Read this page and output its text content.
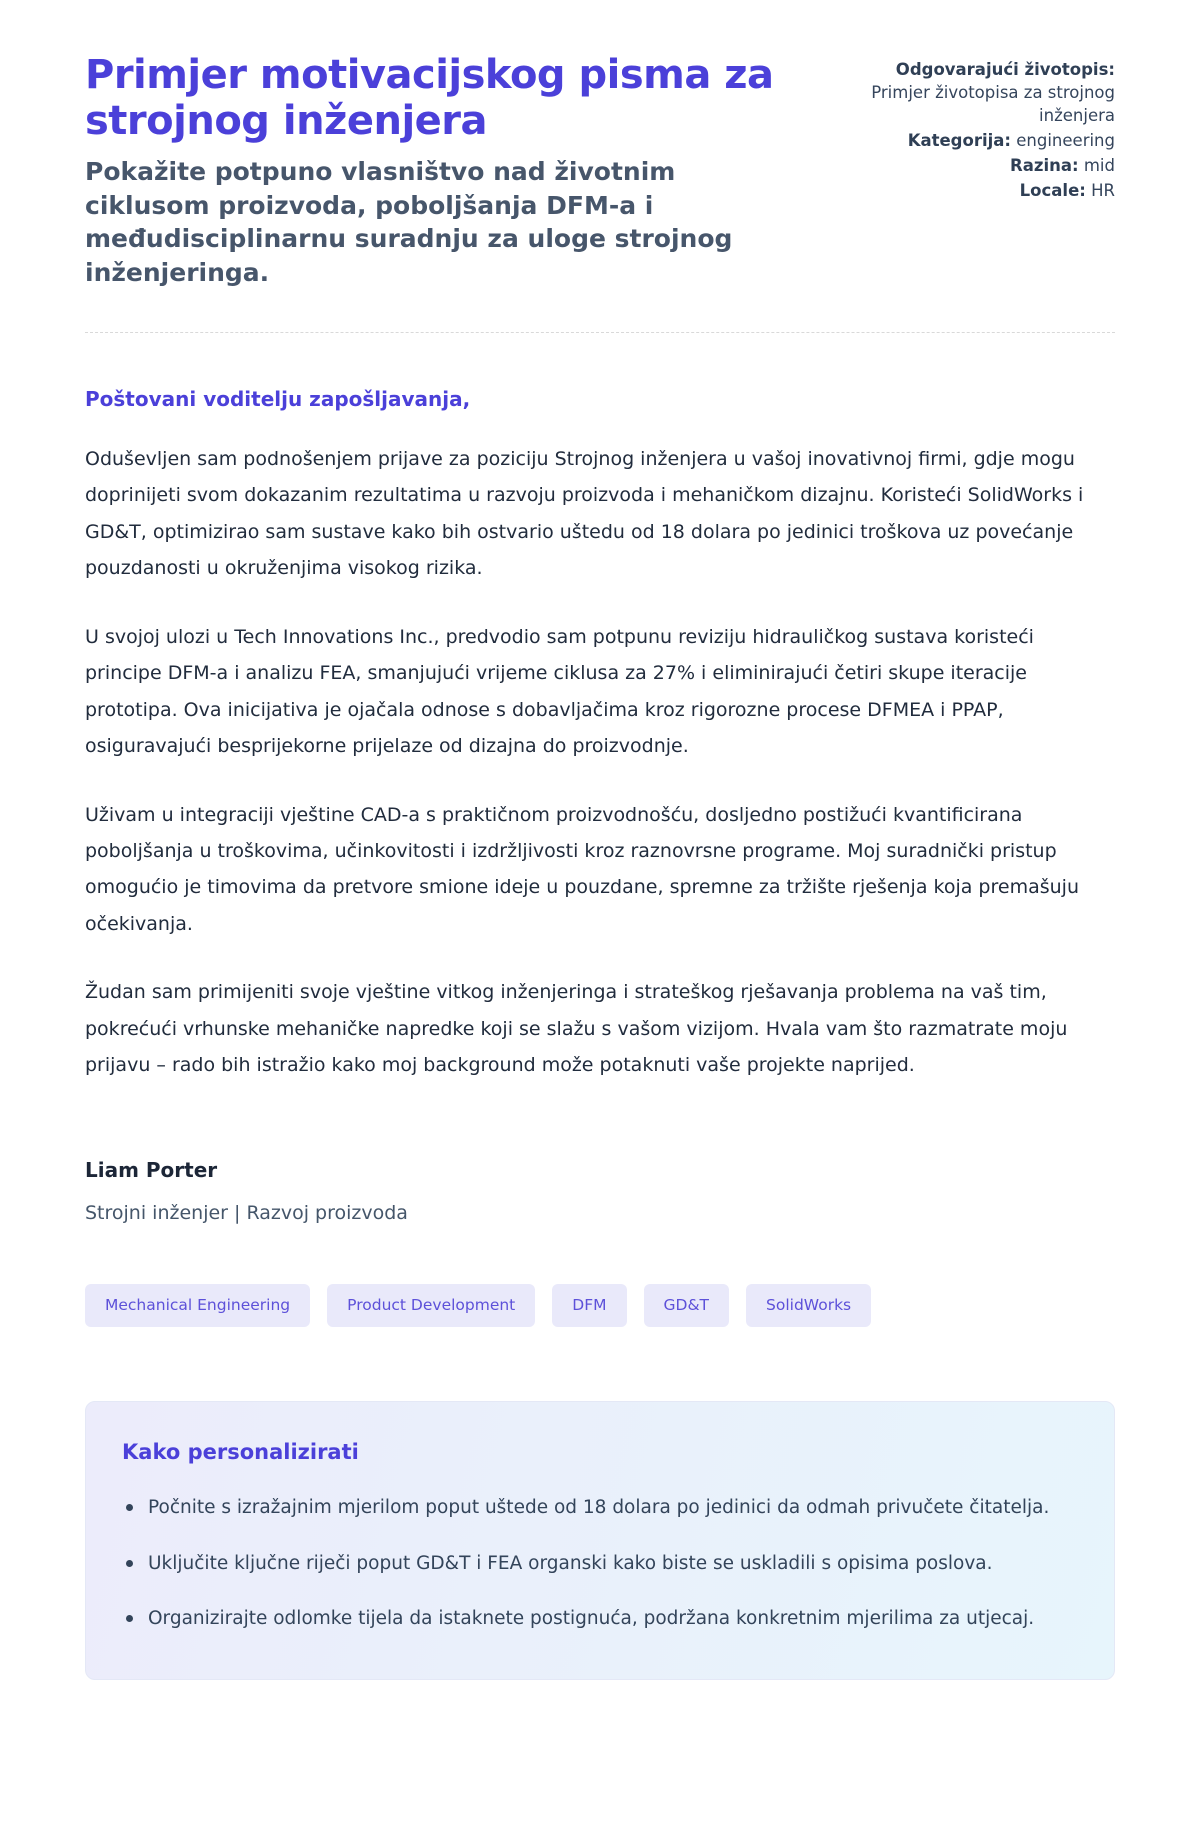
Primjer motivacijskog pisma za strojnog inženjera
Pokažite potpuno vlasništvo nad životnim ciklusom proizvoda, poboljšanja DFM-a i međudisciplinarnu suradnju za uloge strojnog inženjeringa.
Odgovarajući životopis: Primjer životopisa za strojnog inženjera
Kategorija: engineering
Razina: mid
Locale: HR

Poštovani voditelju zapošljavanja,

Oduševljen sam podnošenjem prijave za poziciju Strojnog inženjera u vašoj inovativnoj firmi, gdje mogu doprinijeti svom dokazanim rezultatima u razvoju proizvoda i mehaničkom dizajnu. Koristeći SolidWorks i GD&T, optimizirao sam sustave kako bih ostvario uštedu od 18 dolara po jedinici troškova uz povećanje pouzdanosti u okruženjima visokog rizika.

U svojoj ulozi u Tech Innovations Inc., predvodio sam potpunu reviziju hidrauličkog sustava koristeći principe DFM-a i analizu FEA, smanjujući vrijeme ciklusa za 27% i eliminirajući četiri skupe iteracije prototipa. Ova inicijativa je ojačala odnose s dobavljačima kroz rigorozne procese DFMEA i PPAP, osiguravajući besprijekorne prijelaze od dizajna do proizvodnje.

Uživam u integraciji vještine CAD-a s praktičnom proizvodnošću, dosljedno postižući kvantificirana poboljšanja u troškovima, učinkovitosti i izdržljivosti kroz raznovrsne programe. Moj suradnički pristup omogućio je timovima da pretvore smione ideje u pouzdane, spremne za tržište rješenja koja premašuju očekivanja.

Žudan sam primijeniti svoje vještine vitkog inženjeringa i strateškog rješavanja problema na vaš tim, pokrećući vrhunske mehaničke napredke koji se slažu s vašom vizijom. Hvala vam što razmatrate moju prijavu – rado bih istražio kako moj background može potaknuti vaše projekte naprijed.

Liam Porter
Strojni inženjer | Razvoj proizvoda
Mechanical Engineering	Product Development	DFM	GD&T	SolidWorks
Kako personalizirati
Počnite s izražajnim mjerilom poput uštede od 18 dolara po jedinici da odmah privučete čitatelja.
Uključite ključne riječi poput GD&T i FEA organski kako biste se uskladili s opisima poslova.
Organizirajte odlomke tijela da istaknete postignuća, podržana konkretnim mjerilima za utjecaj.
